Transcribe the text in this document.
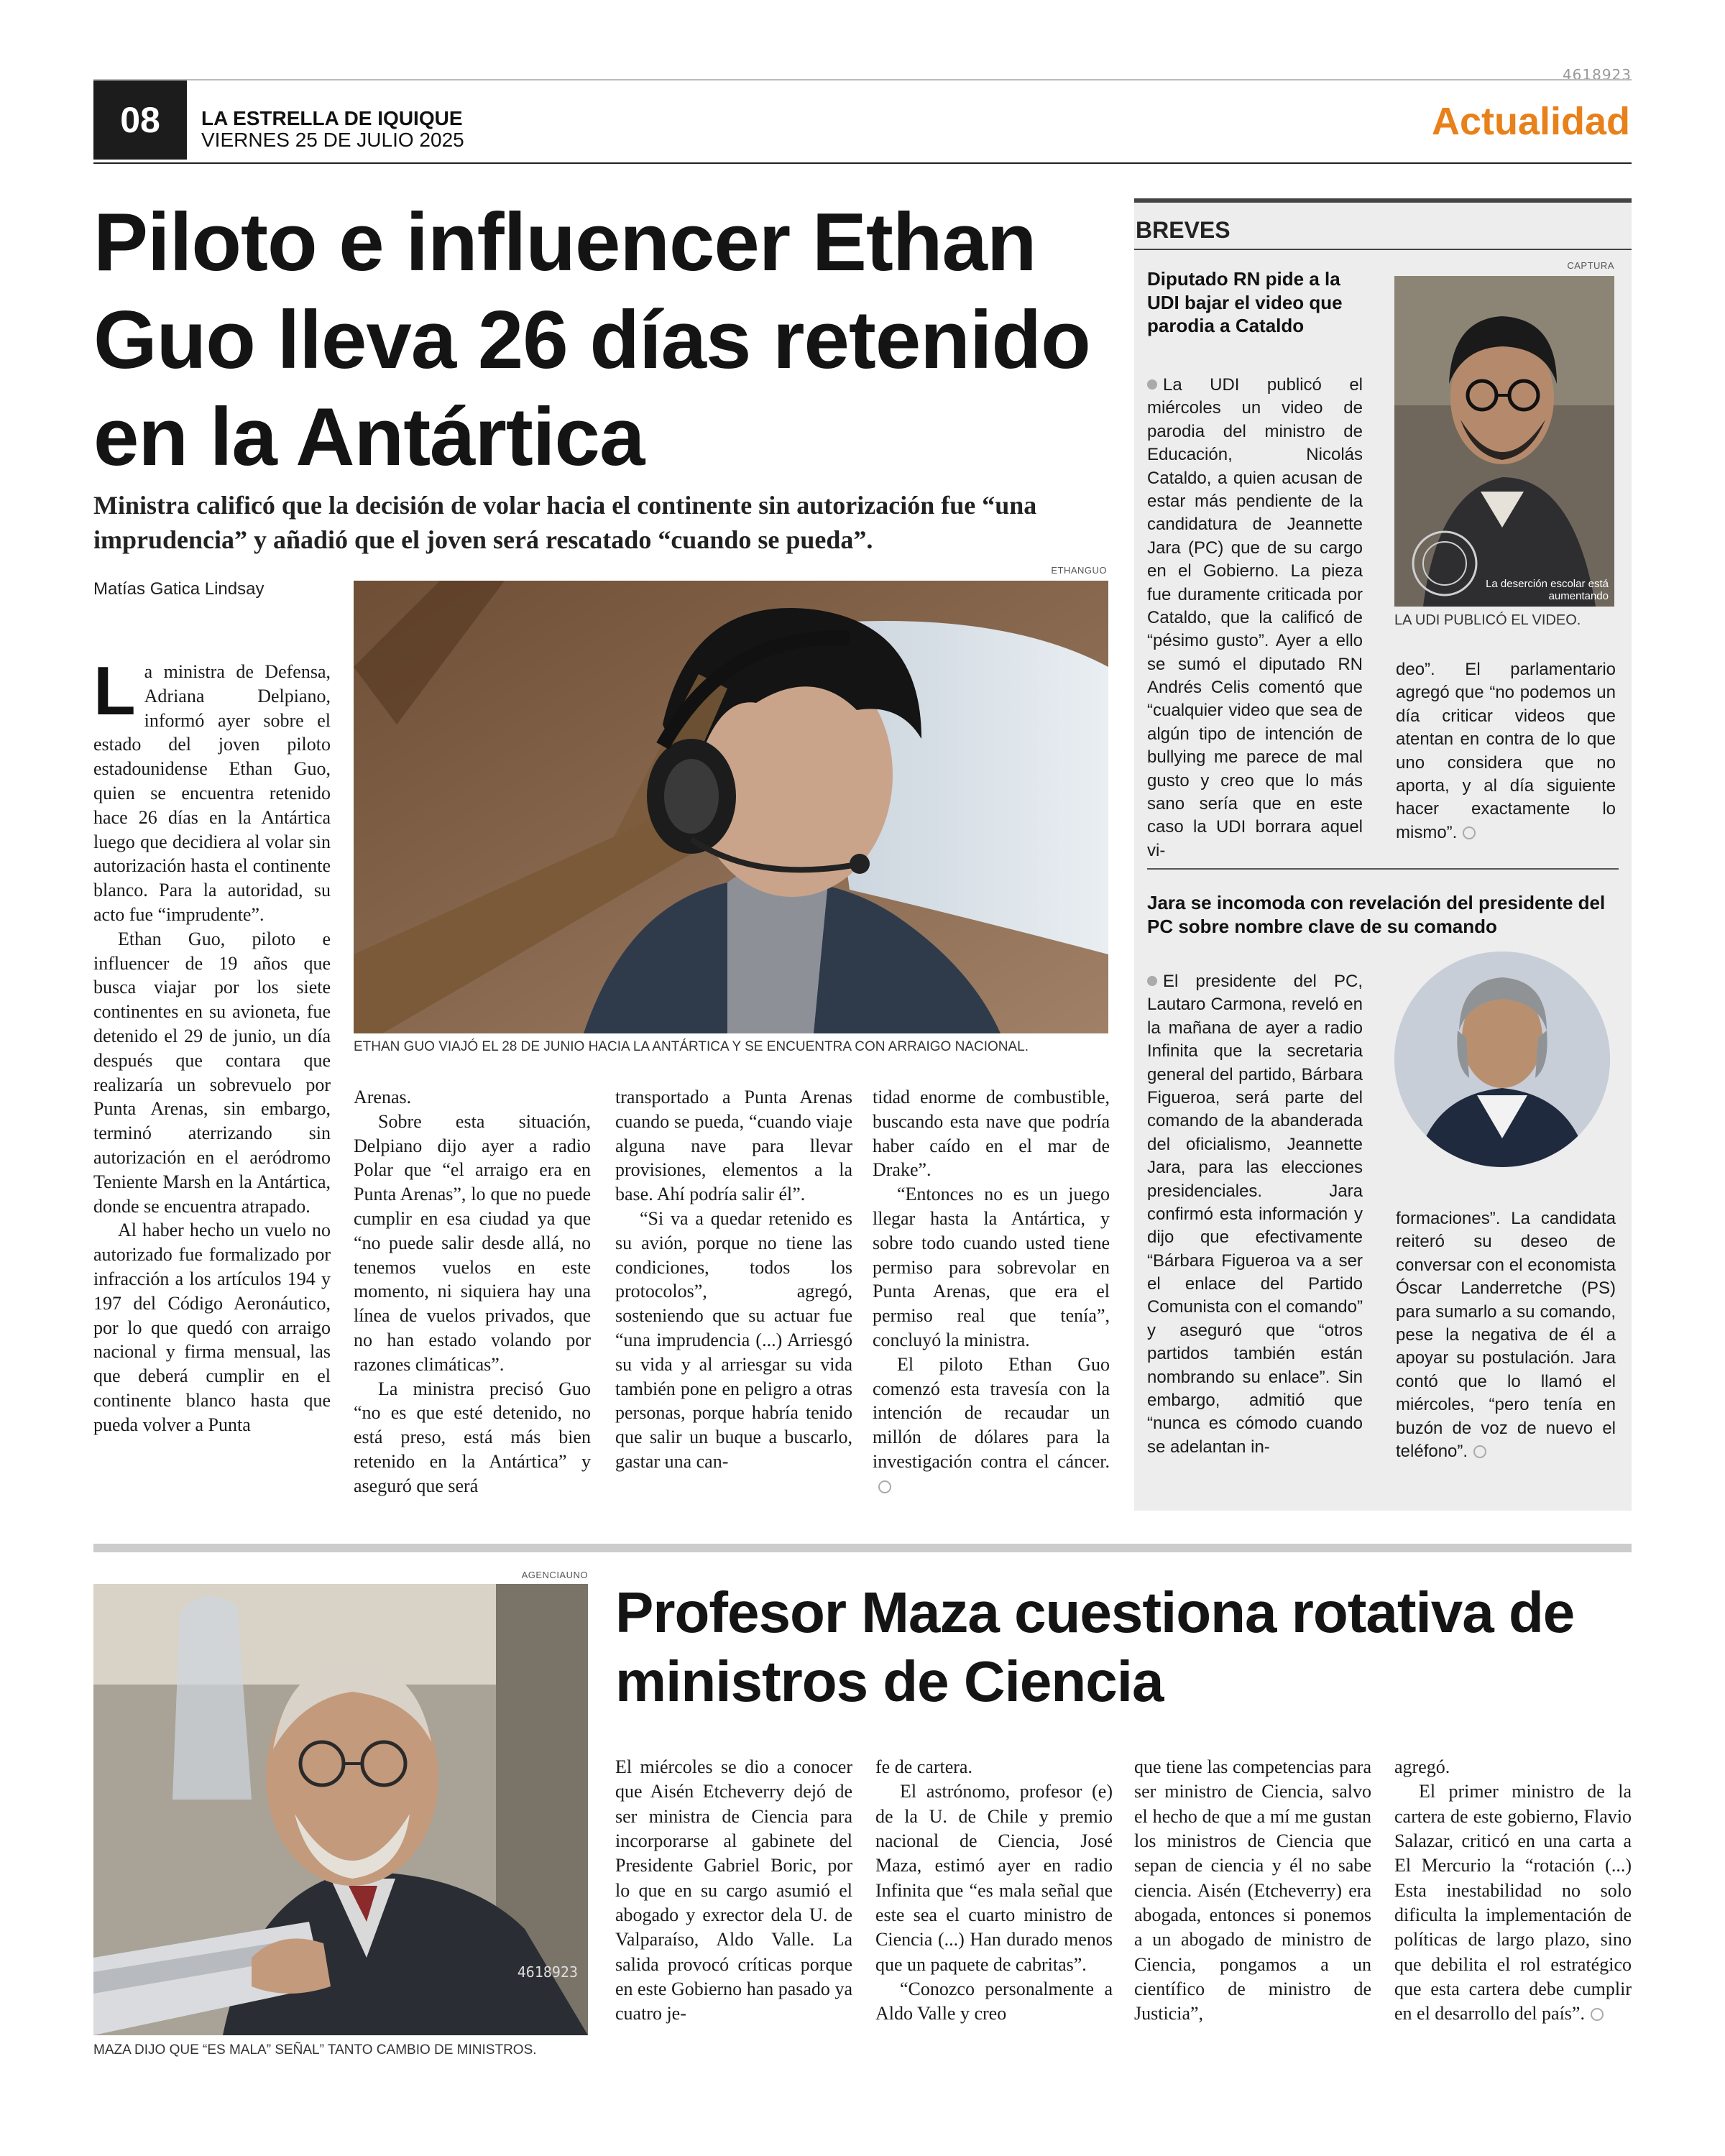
4618923
08	LA ESTRELLA DE IQUIQUE
VIERNES 25 DE JULIO 2025	Actualidad
Piloto e influencer Ethan Guo lleva 26 días retenido en la Antártica
Ministra calificó que la decisión de volar hacia el continente sin autorización fue “una imprudencia” y añadió que el joven será rescatado “cuando se pueda”.
Matías Gatica Lindsay
ETHANGUO
ETHAN GUO VIAJÓ EL 28 DE JUNIO HACIA LA ANTÁRTICA Y SE ENCUENTRA CON ARRAIGO NACIONAL.

La ministra de Defensa, Adriana Delpiano, informó ayer sobre el estado del joven piloto estadounidense Ethan Guo, quien se encuentra retenido hace 26 días en la Antártica luego que decidiera al volar sin autorización hasta el continente blanco. Para la autoridad, su acto fue “imprudente”.

Ethan Guo, piloto e influencer de 19 años que busca viajar por los siete continentes en su avioneta, fue detenido el 29 de junio, un día después que contara que realizaría un sobrevuelo por Punta Arenas, sin embargo, terminó aterrizando sin autorización en el aeródromo Teniente Marsh en la Antártica, donde se encuentra atrapado.

Al haber hecho un vuelo no autorizado fue formalizado por infracción a los artículos 194 y 197 del Código Aeronáutico, por lo que quedó con arraigo nacional y firma mensual, las que deberá cumplir en el continente blanco hasta que pueda volver a Punta

Arenas.

Sobre esta situación, Delpiano dijo ayer a radio Polar que “el arraigo era en Punta Arenas”, lo que no puede cumplir en esa ciudad ya que “no puede salir desde allá, no tenemos vuelos en este momento, ni siquiera hay una línea de vuelos privados, que no han estado volando por razones climáticas”.

La ministra precisó Guo “no es que esté detenido, no está preso, está más bien retenido en la Antártica” y aseguró que será

transportado a Punta Arenas cuando se pueda, “cuando viaje alguna nave para llevar provisiones, elementos a la base. Ahí podría salir él”.

“Si va a quedar retenido es su avión, porque no tiene las condiciones, todos los protocolos”, agregó, sosteniendo que su actuar fue “una imprudencia (...) Arriesgó su vida y al arriesgar su vida también pone en peligro a otras personas, porque habría tenido que salir un buque a buscarlo, gastar una can-

tidad enorme de combustible, buscando esta nave que podría haber caído en el mar de Drake”.

“Entonces no es un juego llegar hasta la Antártica, y sobre todo cuando usted tiene permiso para sobrevolar en Punta Arenas, que era el permiso real que tenía”, concluyó la ministra.

El piloto Ethan Guo comenzó esta travesía con la intención de recaudar un millón de dólares para la investigación contra el cáncer.

BREVES
Diputado RN pide a la UDI bajar el video que parodia a Cataldo
CAPTURA
La deserción escolar está aumentando
LA UDI PUBLICÓ EL VIDEO.
La UDI publicó el miércoles un video de parodia del ministro de Educación, Nicolás Cataldo, a quien acusan de estar más pendiente de la candidatura de Jeannette Jara (PC) que de su cargo en el Gobierno. La pieza fue duramente criticada por Cataldo, que la calificó de “pésimo gusto”. Ayer a ello se sumó el diputado RN Andrés Celis comentó que “cualquier video que sea de algún tipo de intención de bullying me parece de mal gusto y creo que lo más sano sería que en este caso la UDI borrara aquel vi-
deo”. El parlamentario agregó que “no podemos un día criticar videos que atentan en contra de lo que uno considera que no aporta, y al día siguiente hacer exactamente lo mismo”.
Jara se incomoda con revelación del presidente del PC sobre nombre clave de su comando
El presidente del PC, Lautaro Carmona, reveló en la mañana de ayer a radio Infinita que la secretaria general del partido, Bárbara Figueroa, será parte del comando de la abanderada del oficialismo, Jeannette Jara, para las elecciones presidenciales. Jara confirmó esta información y dijo que efectivamente “Bárbara Figueroa va a ser el enlace del Partido Comunista con el comando” y aseguró que “otros partidos también están nombrando su enlace”. Sin embargo, admitió que “nunca es cómodo cuando se adelantan in-
formaciones”. La candidata reiteró su deseo de conversar con el economista Óscar Landerretche (PS) para sumarlo a su comando, pese la negativa de él a apoyar su postulación. Jara contó que lo llamó el miércoles, “pero tenía en buzón de voz de nuevo el teléfono”.
AGENCIAUNO
4618923
MAZA DIJO QUE “ES MALA” SEÑAL” TANTO CAMBIO DE MINISTROS.
Profesor Maza cuestiona rotativa de ministros de Ciencia

El miércoles se dio a conocer que Aisén Etcheverry dejó de ser ministra de Ciencia para incorporarse al gabinete del Presidente Gabriel Boric, por lo que en su cargo asumió el abogado y exrector dela U. de Valparaíso, Aldo Valle. La salida provocó críticas porque en este Gobierno han pasado ya cuatro je-

fe de cartera.

El astrónomo, profesor (e) de la U. de Chile y premio nacional de Ciencia, José Maza, estimó ayer en radio Infinita que “es mala señal que este sea el cuarto ministro de Ciencia (...) Han durado menos que un paquete de cabritas”.

“Conozco personalmente a Aldo Valle y creo

que tiene las competencias para ser ministro de Ciencia, salvo el hecho de que a mí me gustan los ministros de Ciencia que sepan de ciencia y él no sabe ciencia. Aisén (Etcheverry) era abogada, entonces si ponemos a un abogado de ministro de Ciencia, pongamos a un científico de ministro de Justicia”,

agregó.

El primer ministro de la cartera de este gobierno, Flavio Salazar, criticó en una carta a El Mercurio la “rotación (...) Esta inestabilidad no solo dificulta la implementación de políticas de largo plazo, sino que debilita el rol estratégico que esta cartera debe cumplir en el desarrollo del país”.
